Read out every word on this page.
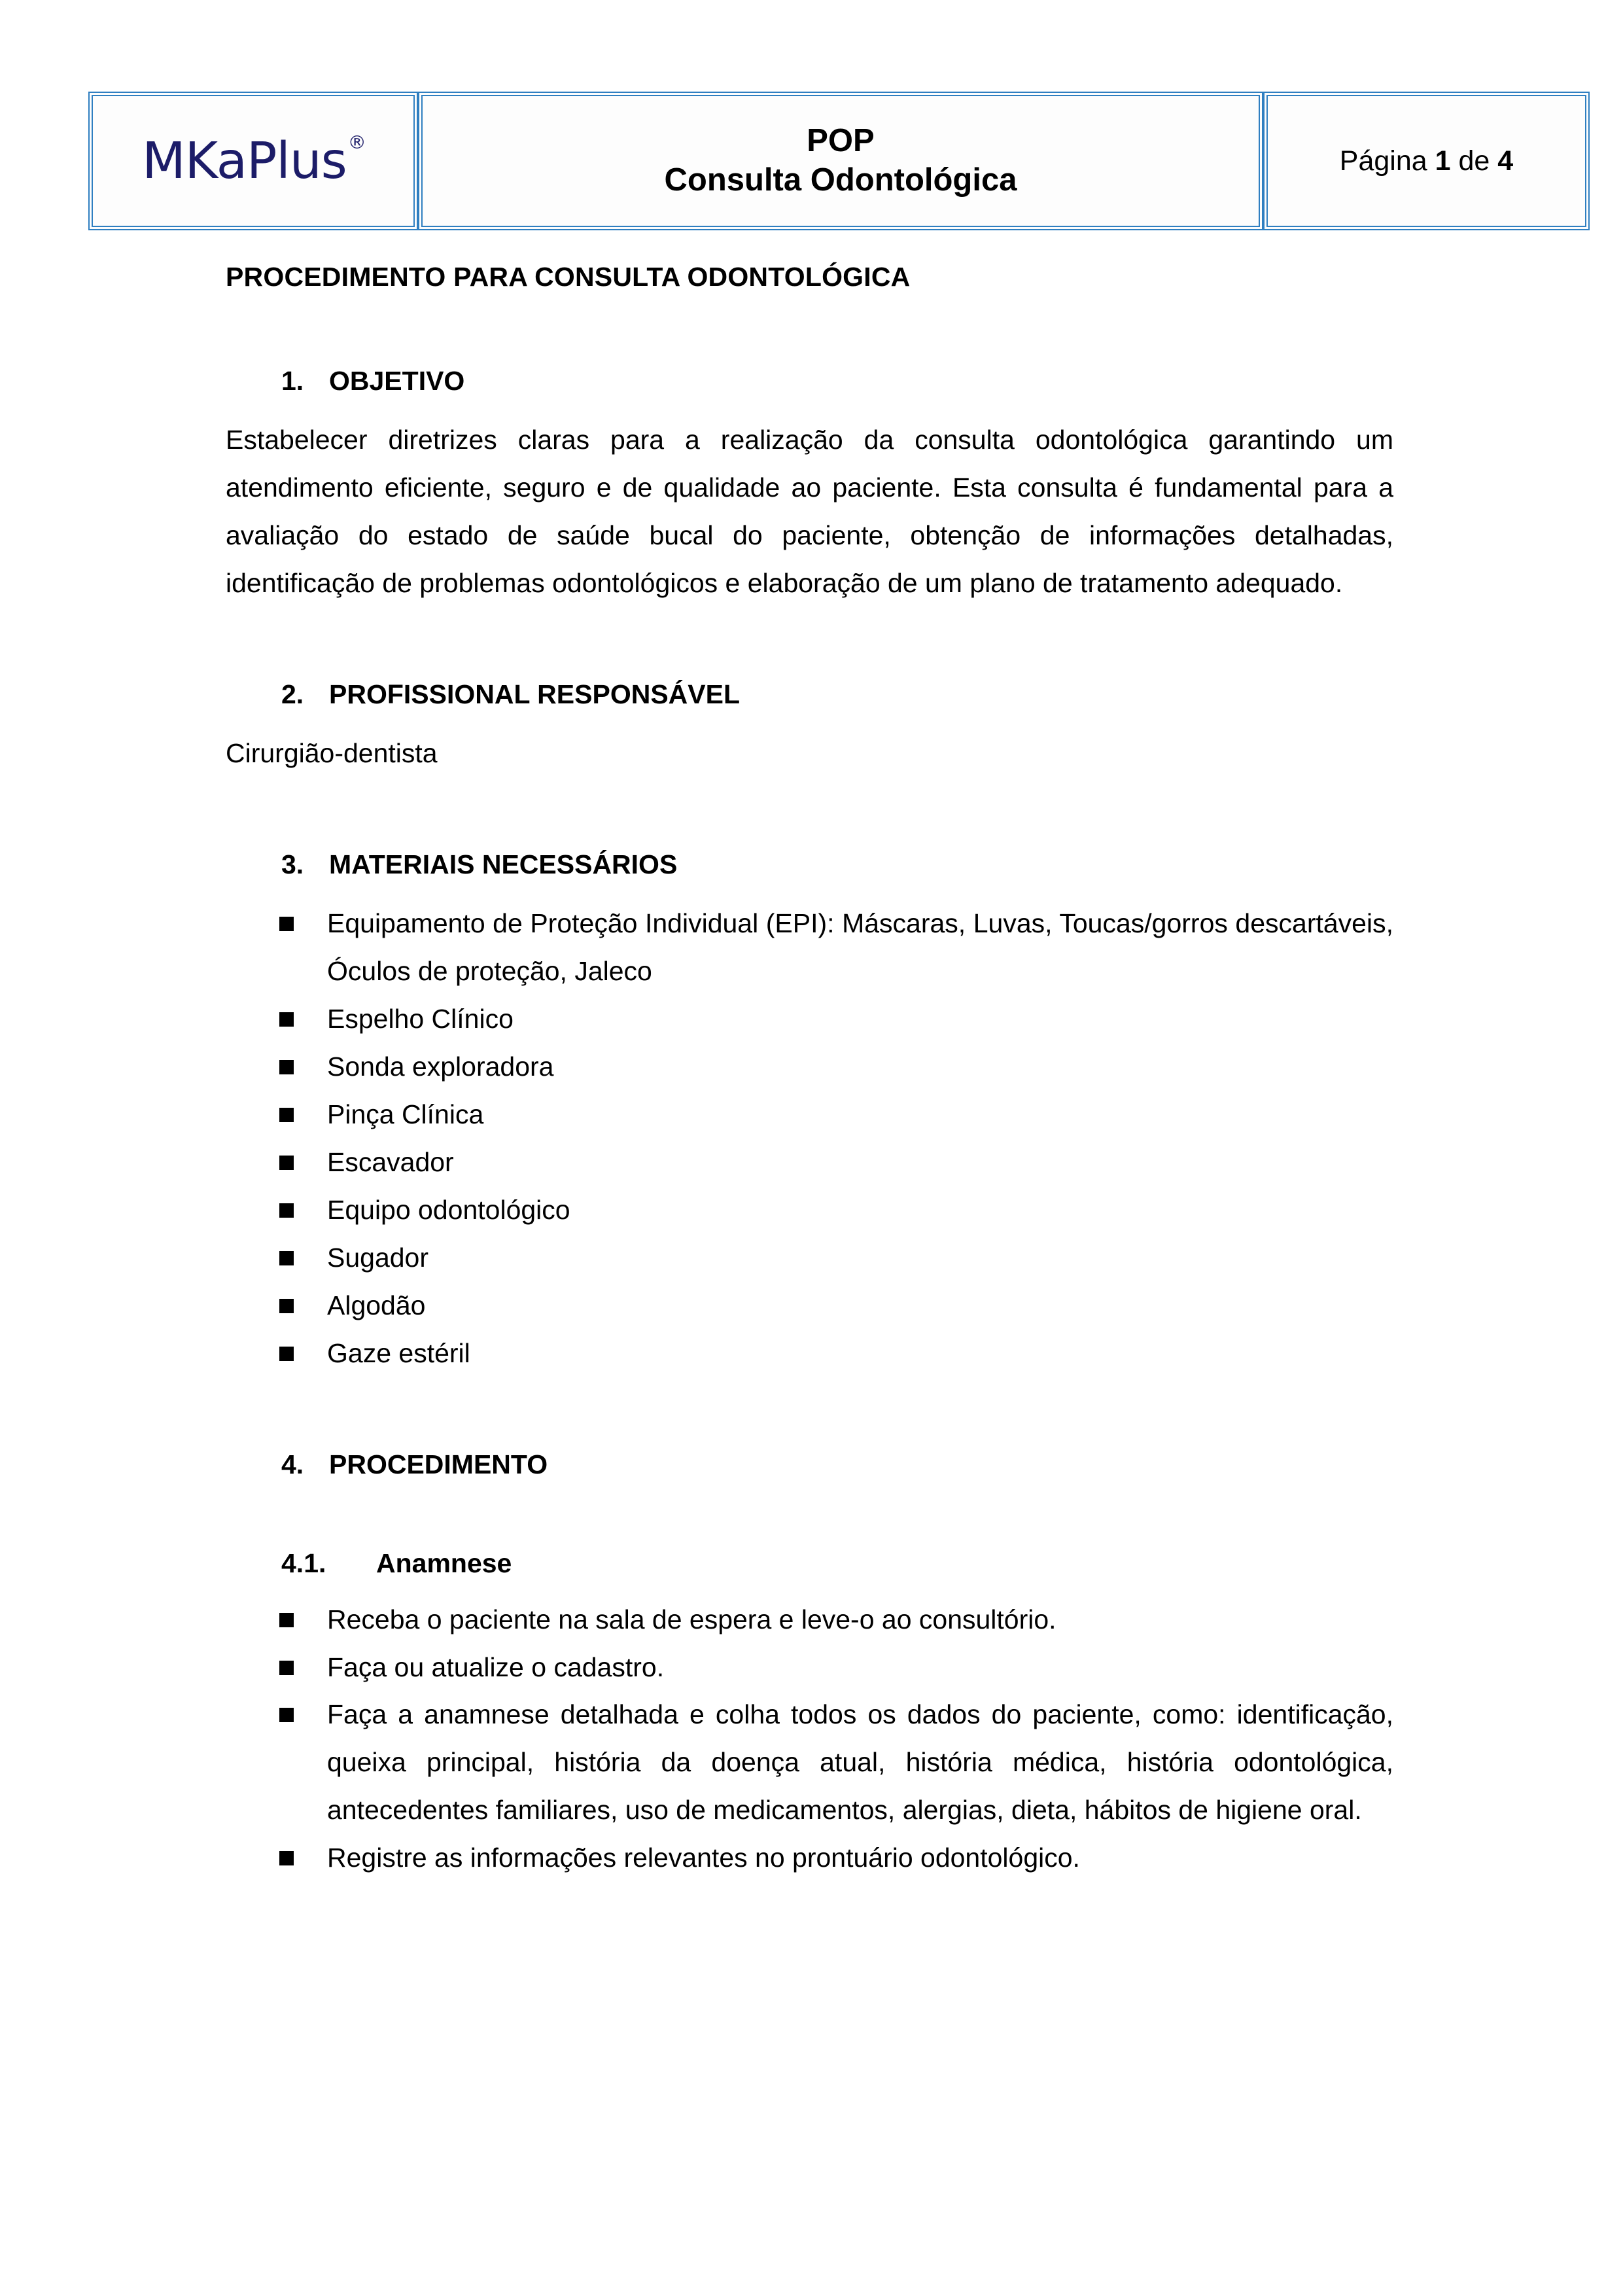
MKaPlus®	POP
Consulta Odontológica

Página 1 de 4
PROCEDIMENTO PARA CONSULTA ODONTOLÓGICA
1. OBJETIVO

Estabelecer diretrizes claras para a realização da consulta odontológica garantindo um atendimento eficiente, seguro e de qualidade ao paciente. Esta consulta é fundamental para a avaliação do estado de saúde bucal do paciente, obtenção de informações detalhadas, identificação de problemas odontológicos e elaboração de um plano de tratamento adequado.

2. PROFISSIONAL RESPONSÁVEL

Cirurgião-dentista

3. MATERIAIS NECESSÁRIOS
Equipamento de Proteção Individual (EPI): Máscaras, Luvas, Toucas/gorros descartáveis, Óculos de proteção, Jaleco
Espelho Clínico
Sonda exploradora
Pinça Clínica
Escavador
Equipo odontológico
Sugador
Algodão
Gaze estéril
4. PROCEDIMENTO
4.1. Anamnese
Receba o paciente na sala de espera e leve-o ao consultório.
Faça ou atualize o cadastro.
Faça a anamnese detalhada e colha todos os dados do paciente, como: identificação, queixa principal, história da doença atual, história médica, história odontológica, antecedentes familiares, uso de medicamentos, alergias, dieta, hábitos de higiene oral.
Registre as informações relevantes no prontuário odontológico.
